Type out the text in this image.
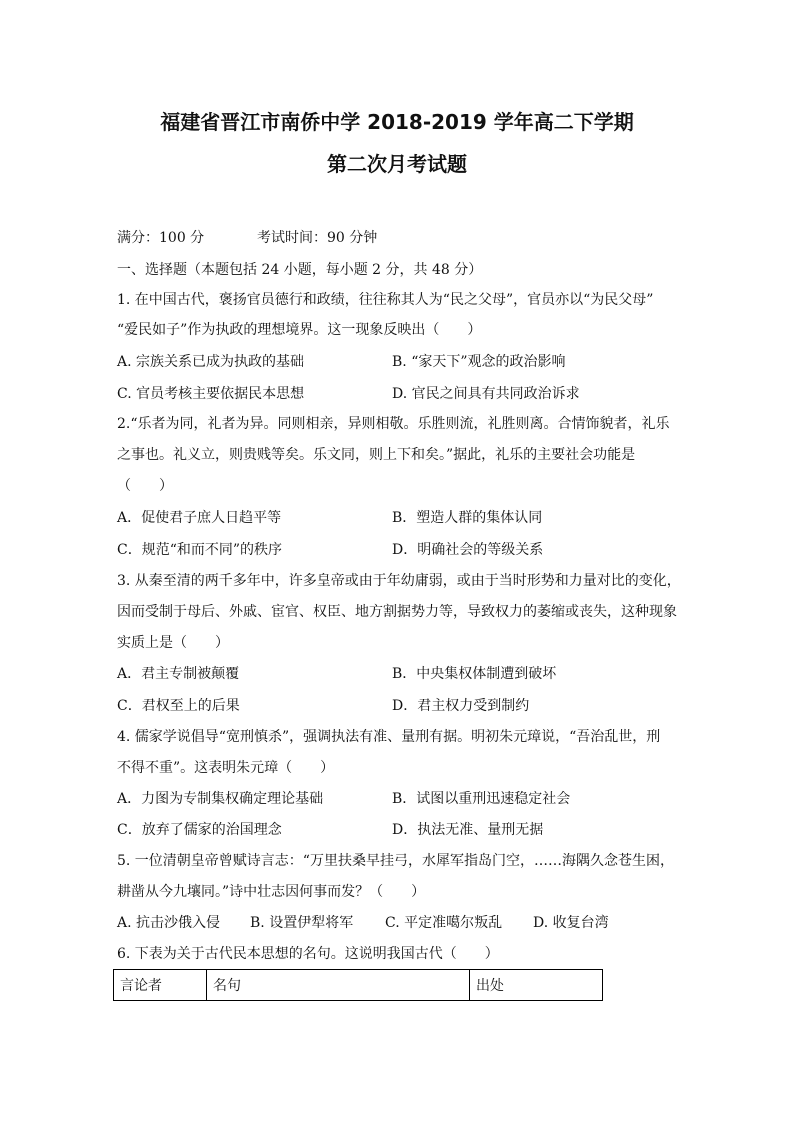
福建省晋江市南侨中学 2018-2019 学年高二下学期
第二次月考试题
满分：100 分	考试时间：90 分钟
一、选择题（本题包括 24 小题，每小题 2 分，共 48 分）
1. 在中国古代，褒扬官员德行和政绩，往往称其人为“民之父母”，官员亦以“为民父母”
“爱民如子”作为执政的理想境界。这一现象反映出（　　）
A. 宗族关系已成为执政的基础	B. “家天下”观念的政治影响
C. 官员考核主要依据民本思想	D. 官民之间具有共同政治诉求
2.“乐者为同，礼者为异。同则相亲，异则相敬。乐胜则流，礼胜则离。合情饰貌者，礼乐
之事也。礼义立，则贵贱等矣。乐文同，则上下和矣。”据此，礼乐的主要社会功能是
（　　）
A．促使君子庶人日趋平等	B．塑造人群的集体认同
C．规范“和而不同”的秩序	D．明确社会的等级关系
3. 从秦至清的两千多年中，许多皇帝或由于年幼庸弱，或由于当时形势和力量对比的变化，
因而受制于母后、外戚、宦官、权臣、地方割据势力等，导致权力的萎缩或丧失，这种现象
实质上是（　　）
A．君主专制被颠覆	B．中央集权体制遭到破坏
C．君权至上的后果	D．君主权力受到制约
4. 儒家学说倡导“宽刑慎杀”，强调执法有准、量刑有据。明初朱元璋说，“吾治乱世，刑
不得不重”。这表明朱元璋（　　）
A．力图为专制集权确定理论基础	B．试图以重刑迅速稳定社会
C．放弃了儒家的治国理念	D．执法无准、量刑无据
5. 一位清朝皇帝曾赋诗言志：“万里扶桑早挂弓，水犀军指岛门空，……海隅久念苍生困，
耕凿从今九壤同。”诗中壮志因何事而发？（　　）
A. 抗击沙俄入侵 B. 设置伊犁将军 C. 平定准噶尔叛乱 D. 收复台湾
6. 下表为关于古代民本思想的名句。这说明我国古代（　　）
言论者	名句	出处
